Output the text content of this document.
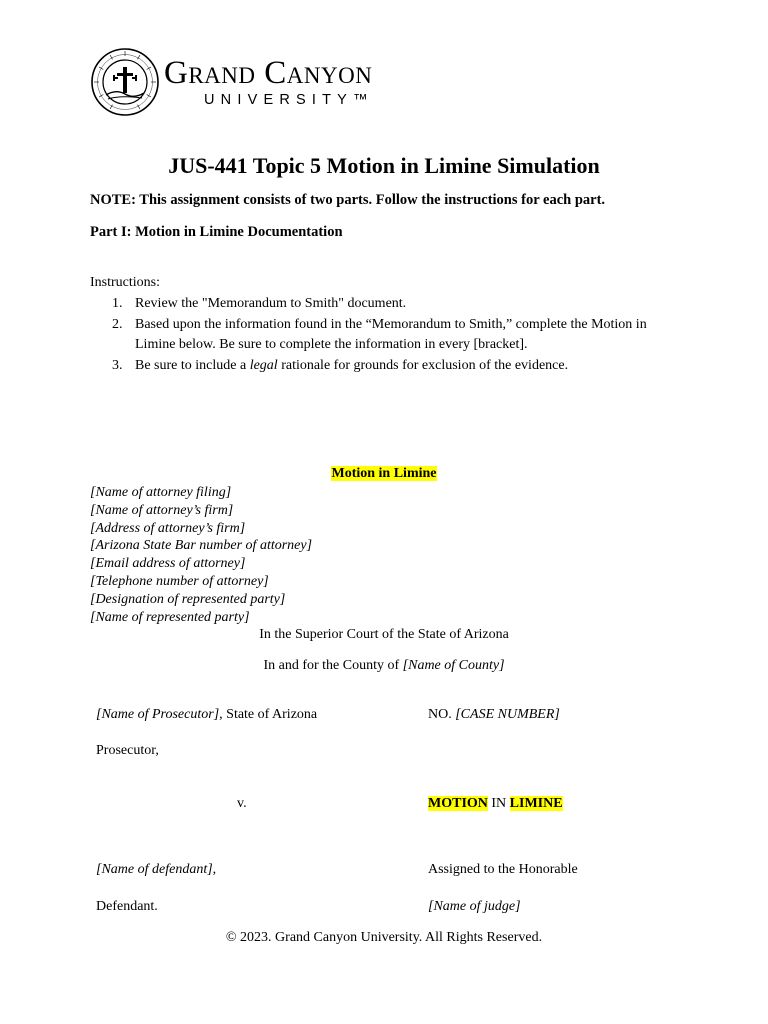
Grand Canyon
UNIVERSITY™
JUS-441 Topic 5 Motion in Limine Simulation
NOTE: This assignment consists of two parts. Follow the instructions for each part.
Part I: Motion in Limine Documentation
Instructions:
1. Review the "Memorandum to Smith" document.
2. Based upon the information found in the “Memorandum to Smith,” complete the Motion in Limine below. Be sure to complete the information in every [bracket].
3. Be sure to include a legal rationale for grounds for exclusion of the evidence.
Motion in Limine
[Name of attorney filing]
[Name of attorney’s firm]
[Address of attorney’s firm]
[Arizona State Bar number of attorney]
[Email address of attorney]
[Telephone number of attorney]
[Designation of represented party]
[Name of represented party]
In the Superior Court of the State of Arizona
In and for the County of [Name of County]
[Name of Prosecutor], State of Arizona	NO. [CASE NUMBER]
Prosecutor,
v.	MOTION IN LIMINE
[Name of defendant],	Assigned to the Honorable
Defendant.	[Name of judge]
© 2023. Grand Canyon University. All Rights Reserved.
